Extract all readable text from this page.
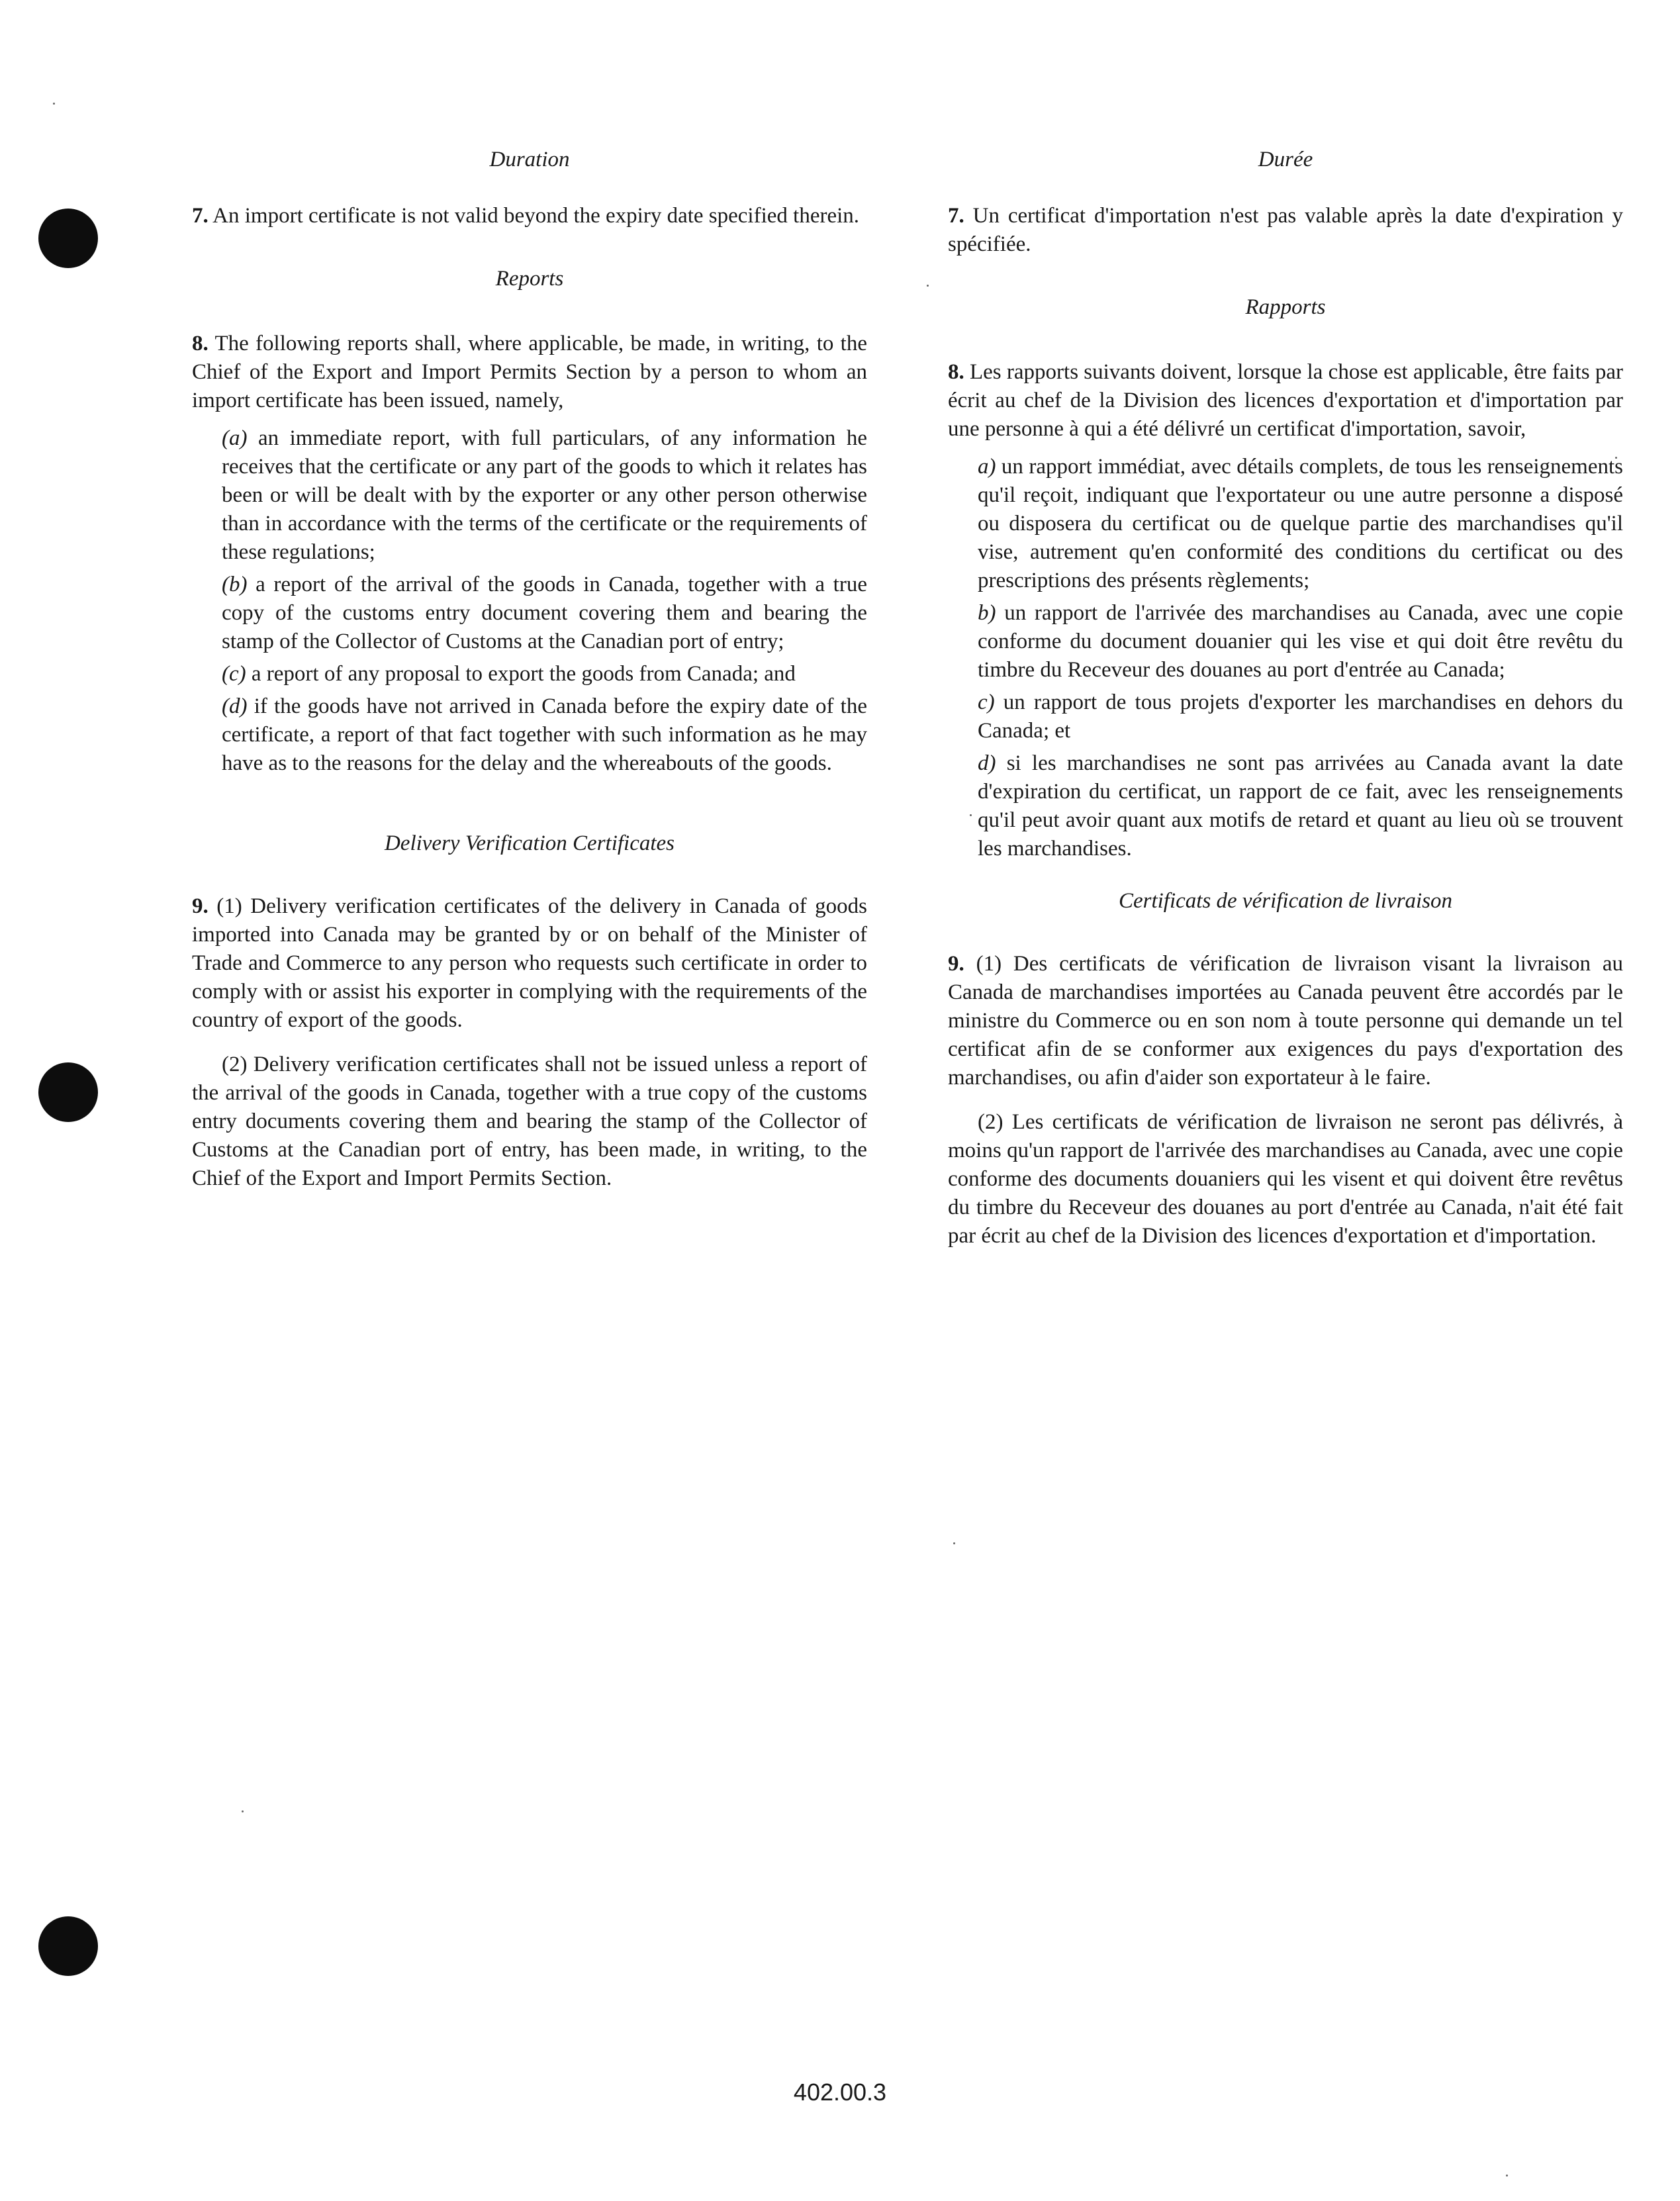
Duration

7. An import certificate is not valid beyond the expiry date specified therein.

Reports

8. The following reports shall, where applicable, be made, in writing, to the Chief of the Export and Import Permits Section by a person to whom an import certificate has been issued, namely,

(a) an immediate report, with full particulars, of any information he receives that the certificate or any part of the goods to which it relates has been or will be dealt with by the exporter or any other person otherwise than in accordance with the terms of the certificate or the requirements of these regulations;

(b) a report of the arrival of the goods in Canada, together with a true copy of the customs entry document covering them and bearing the stamp of the Collector of Customs at the Canadian port of entry;

(c) a report of any proposal to export the goods from Canada; and

(d) if the goods have not arrived in Canada before the expiry date of the certificate, a report of that fact together with such information as he may have as to the reasons for the delay and the whereabouts of the goods.

Delivery Verification Certificates

9. (1) Delivery verification certificates of the delivery in Canada of goods imported into Canada may be granted by or on behalf of the Minister of Trade and Commerce to any person who requests such certificate in order to comply with or assist his exporter in complying with the requirements of the country of export of the goods.

(2) Delivery verification certificates shall not be issued unless a report of the arrival of the goods in Canada, together with a true copy of the customs entry documents covering them and bearing the stamp of the Collector of Customs at the Canadian port of entry, has been made, in writing, to the Chief of the Export and Import Permits Section.

Durée

7. Un certificat d'importation n'est pas valable après la date d'expiration y spécifiée.

Rapports

8. Les rapports suivants doivent, lorsque la chose est applicable, être faits par écrit au chef de la Division des licences d'exportation et d'importation par une personne à qui a été délivré un certificat d'importation, savoir,

a) un rapport immédiat, avec détails complets, de tous les renseignements qu'il reçoit, indiquant que l'exportateur ou une autre personne a disposé ou disposera du certificat ou de quelque partie des marchandises qu'il vise, autrement qu'en conformité des conditions du certificat ou des prescriptions des présents règlements;

b) un rapport de l'arrivée des marchandises au Canada, avec une copie conforme du document douanier qui les vise et qui doit être revêtu du timbre du Receveur des douanes au port d'entrée au Canada;

c) un rapport de tous projets d'exporter les marchandises en dehors du Canada; et

d) si les marchandises ne sont pas arrivées au Canada avant la date d'expiration du certificat, un rapport de ce fait, avec les renseignements qu'il peut avoir quant aux motifs de retard et quant au lieu où se trouvent les marchandises.

Certificats de vérification de livraison

9. (1) Des certificats de vérification de livraison visant la livraison au Canada de marchandises importées au Canada peuvent être accordés par le ministre du Commerce ou en son nom à toute personne qui demande un tel certificat afin de se conformer aux exigences du pays d'exportation des marchandises, ou afin d'aider son exportateur à le faire.

(2) Les certificats de vérification de livraison ne seront pas délivrés, à moins qu'un rapport de l'arrivée des marchandises au Canada, avec une copie conforme des documents douaniers qui les visent et qui doivent être revêtus du timbre du Receveur des douanes au port d'entrée au Canada, n'ait été fait par écrit au chef de la Division des licences d'exportation et d'importation.

402.00.3
